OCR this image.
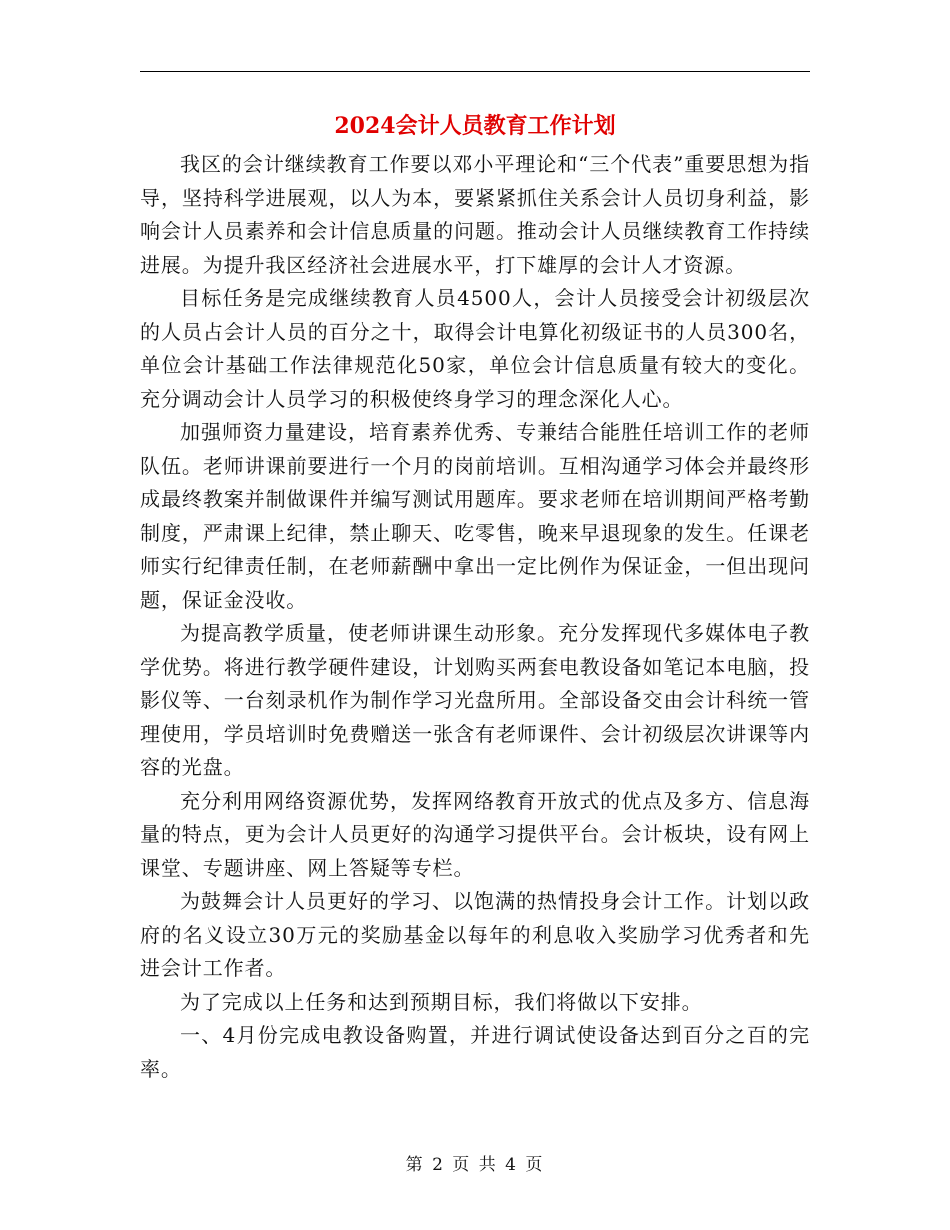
2024会计人员教育工作计划

我区的会计继续教育工作要以邓小平理论和“三个代表”重要思想为指导，坚持科学进展观，以人为本，要紧紧抓住关系会计人员切身利益，影响会计人员素养和会计信息质量的问题。推动会计人员继续教育工作持续进展。为提升我区经济社会进展水平，打下雄厚的会计人才资源。

目标任务是完成继续教育人员4500人，会计人员接受会计初级层次的人员占会计人员的百分之十，取得会计电算化初级证书的人员300名，单位会计基础工作法律规范化50家，单位会计信息质量有较大的变化。充分调动会计人员学习的积极使终身学习的理念深化人心。

加强师资力量建设，培育素养优秀、专兼结合能胜任培训工作的老师队伍。老师讲课前要进行一个月的岗前培训。互相沟通学习体会并最终形成最终教案并制做课件并编写测试用题库。要求老师在培训期间严格考勤制度，严肃课上纪律，禁止聊天、吃零售，晚来早退现象的发生。任课老师实行纪律责任制，在老师薪酬中拿出一定比例作为保证金，一但出现问题，保证金没收。

为提高教学质量，使老师讲课生动形象。充分发挥现代多媒体电子教学优势。将进行教学硬件建设，计划购买两套电教设备如笔记本电脑，投影仪等、一台刻录机作为制作学习光盘所用。全部设备交由会计科统一管理使用，学员培训时免费赠送一张含有老师课件、会计初级层次讲课等内容的光盘。

充分利用网络资源优势，发挥网络教育开放式的优点及多方、信息海量的特点，更为会计人员更好的沟通学习提供平台。会计板块，设有网上课堂、专题讲座、网上答疑等专栏。

为鼓舞会计人员更好的学习、以饱满的热情投身会计工作。计划以政府的名义设立30万元的奖励基金以每年的利息收入奖励学习优秀者和先进会计工作者。

为了完成以上任务和达到预期目标，我们将做以下安排。

一、4月份完成电教设备购置，并进行调试使设备达到百分之百的完率。

第 2 页 共 4 页
